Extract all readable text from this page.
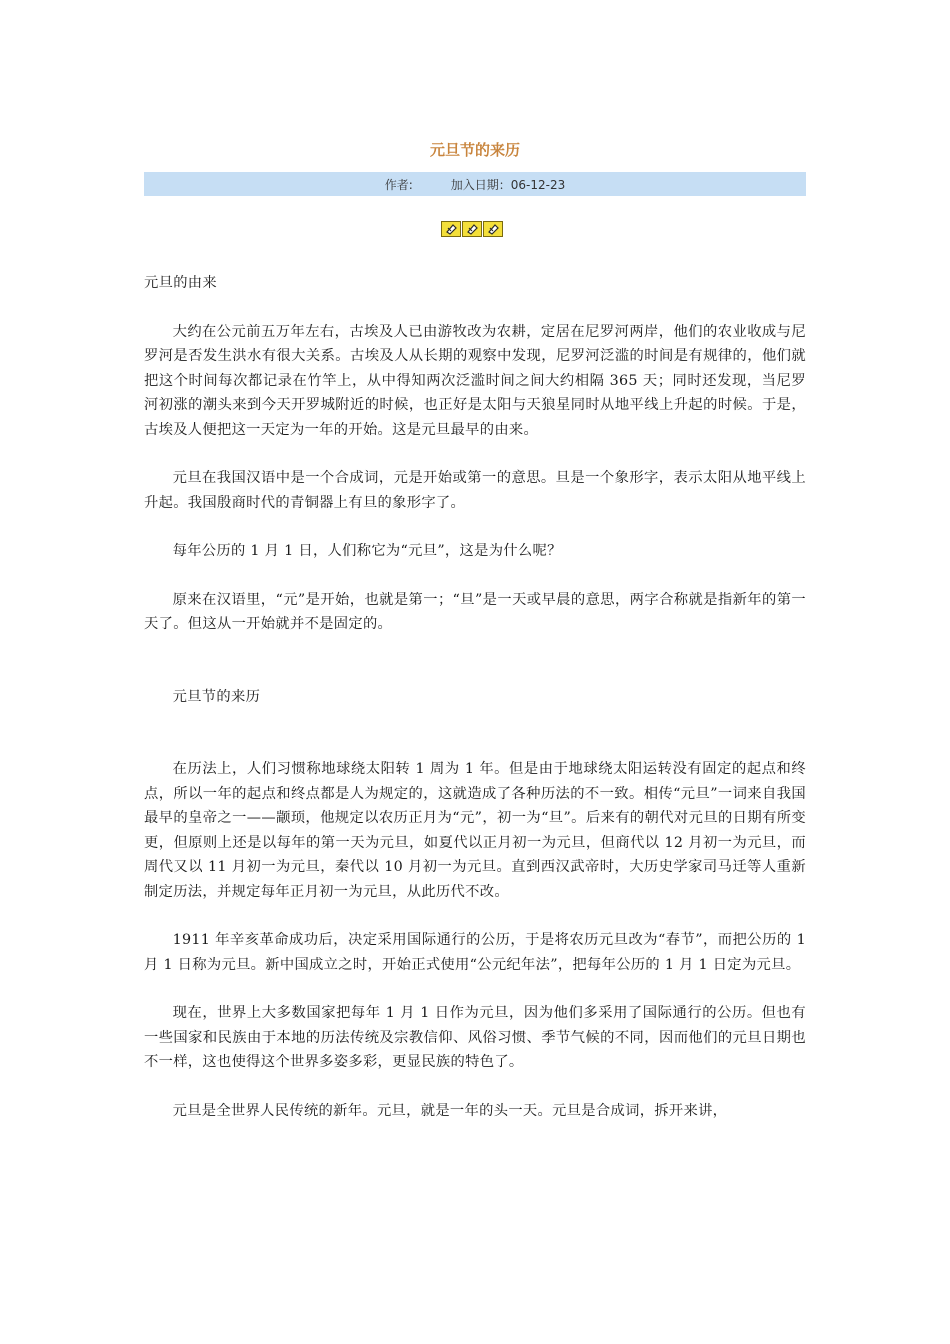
元旦节的来历
作者:	加入日期：06-12-23

元旦的由来

大约在公元前五万年左右，古埃及人已由游牧改为农耕，定居在尼罗河两岸，他们的农业收成与尼罗河是否发生洪水有很大关系。古埃及人从长期的观察中发现，尼罗河泛滥的时间是有规律的，他们就把这个时间每次都记录在竹竿上，从中得知两次泛滥时间之间大约相隔 365 天；同时还发现，当尼罗河初涨的潮头来到今天开罗城附近的时候，也正好是太阳与天狼星同时从地平线上升起的时候。于是，古埃及人便把这一天定为一年的开始。这是元旦最早的由来。

元旦在我国汉语中是一个合成词，元是开始或第一的意思。旦是一个象形字，表示太阳从地平线上升起。我国殷商时代的青铜器上有旦的象形字了。

每年公历的 1 月 1 日，人们称它为“元旦”，这是为什么呢？

原来在汉语里，“元”是开始，也就是第一；“旦”是一天或早晨的意思，两字合称就是指新年的第一天了。但这从一开始就并不是固定的。

元旦节的来历

在历法上，人们习惯称地球绕太阳转 1 周为 1 年。但是由于地球绕太阳运转没有固定的起点和终点，所以一年的起点和终点都是人为规定的，这就造成了各种历法的不一致。相传“元旦”一词来自我国最早的皇帝之一——颛顼，他规定以农历正月为“元”，初一为“旦”。后来有的朝代对元旦的日期有所变更，但原则上还是以每年的第一天为元旦，如夏代以正月初一为元旦，但商代以 12 月初一为元旦，而周代又以 11 月初一为元旦，秦代以 10 月初一为元旦。直到西汉武帝时，大历史学家司马迁等人重新制定历法，并规定每年正月初一为元旦，从此历代不改。

1911 年辛亥革命成功后，决定采用国际通行的公历，于是将农历元旦改为“春节”，而把公历的 1 月 1 日称为元旦。新中国成立之时，开始正式使用“公元纪年法”，把每年公历的 1 月 1 日定为元旦。

现在，世界上大多数国家把每年 1 月 1 日作为元旦，因为他们多采用了国际通行的公历。但也有一些国家和民族由于本地的历法传统及宗教信仰、风俗习惯、季节气候的不同，因而他们的元旦日期也不一样，这也使得这个世界多姿多彩，更显民族的特色了。

元旦是全世界人民传统的新年。元旦，就是一年的头一天。元旦是合成词，拆开来讲，
